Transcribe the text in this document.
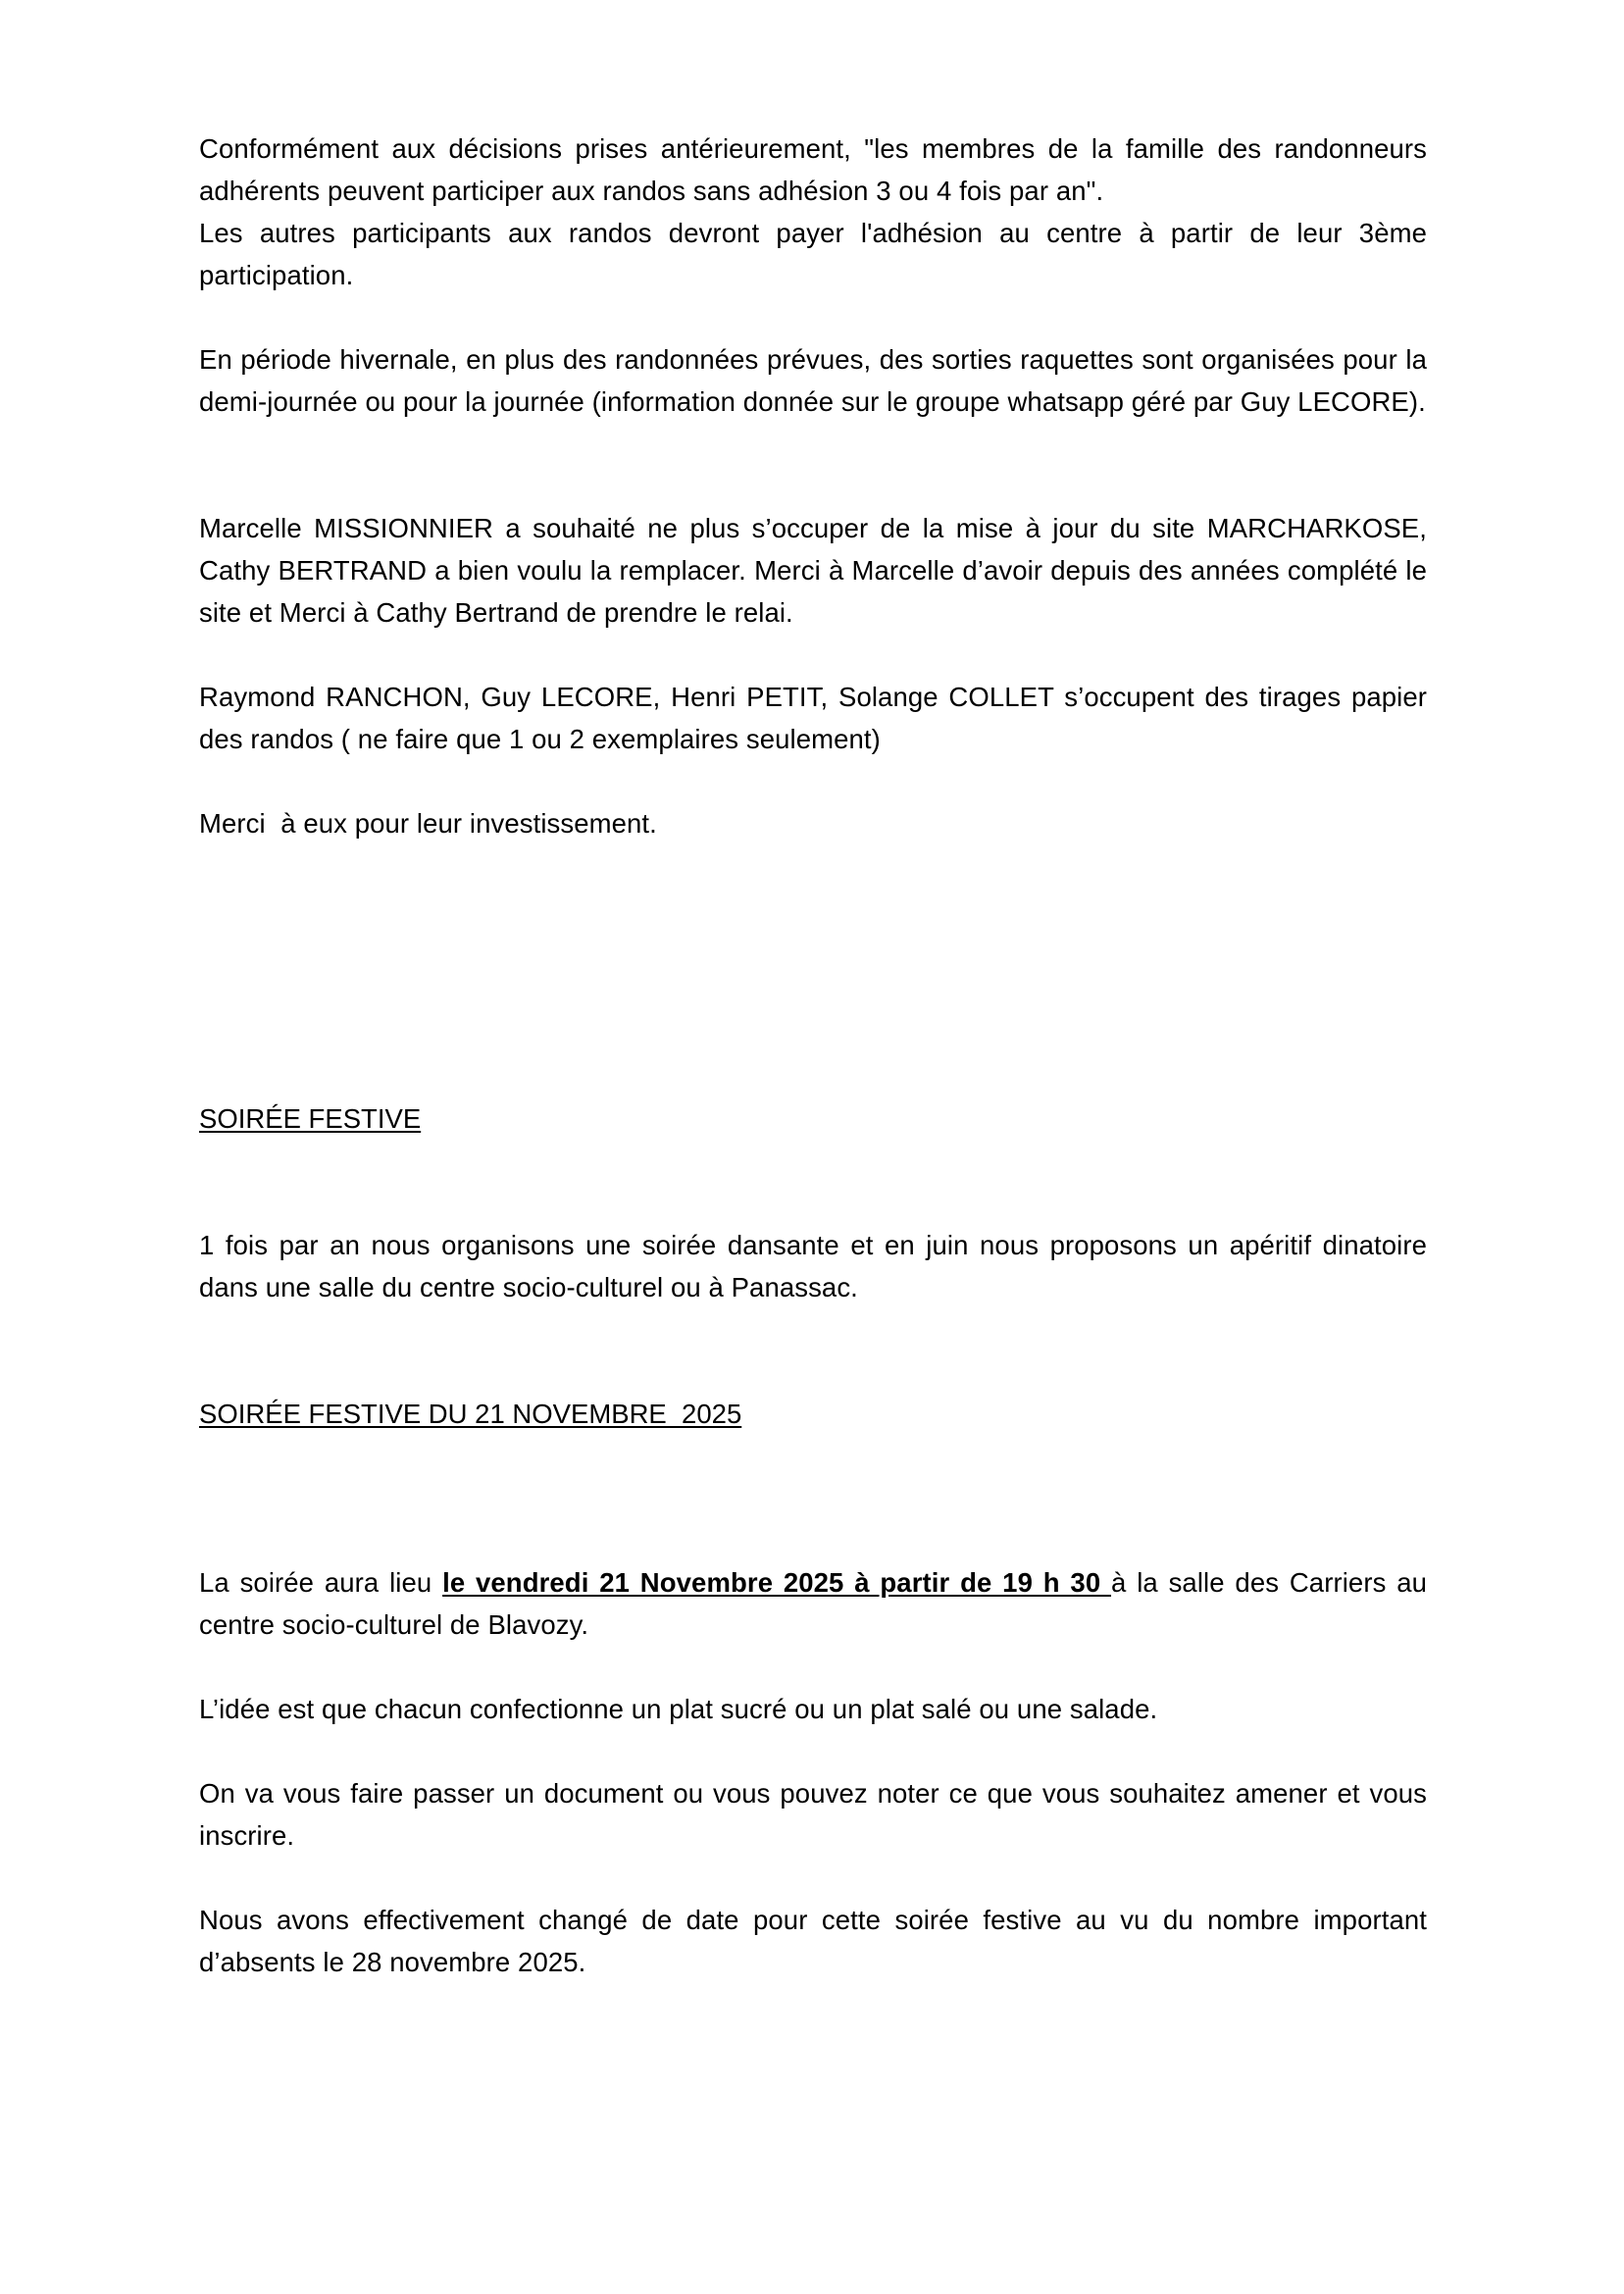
Conformément aux décisions prises antérieurement, "les membres de la famille des randonneurs adhérents peuvent participer aux randos sans adhésion 3 ou 4 fois par an".

Les autres participants aux randos devront payer l'adhésion au centre à partir de leur 3ème participation.

En période hivernale, en plus des randonnées prévues, des sorties raquettes sont organisées pour la demi-journée ou pour la journée (information donnée sur le groupe whatsapp géré par Guy LECORE).

Marcelle MISSIONNIER a souhaité ne plus s’occuper de la mise à jour du site MARCHARKOSE, Cathy BERTRAND a bien voulu la remplacer. Merci à Marcelle d’avoir depuis des années complété le site et Merci à Cathy Bertrand de prendre le relai.

Raymond RANCHON, Guy LECORE, Henri PETIT, Solange COLLET s’occupent des tirages papier des randos ( ne faire que 1 ou 2 exemplaires seulement)

Merci  à eux pour leur investissement.

SOIRÉE FESTIVE

1 fois par an nous organisons une soirée dansante et en juin nous proposons un apéritif dinatoire dans une salle du centre socio-culturel ou à Panassac.

SOIRÉE FESTIVE DU 21 NOVEMBRE  2025

La soirée aura lieu le vendredi 21 Novembre 2025 à partir de 19 h 30 à la salle des Carriers au centre socio-culturel de Blavozy.

L’idée est que chacun confectionne un plat sucré ou un plat salé ou une salade.

On va vous faire passer un document ou vous pouvez noter ce que vous souhaitez amener et vous inscrire.

Nous avons effectivement changé de date pour cette soirée festive au vu du nombre important d’absents le 28 novembre 2025.
